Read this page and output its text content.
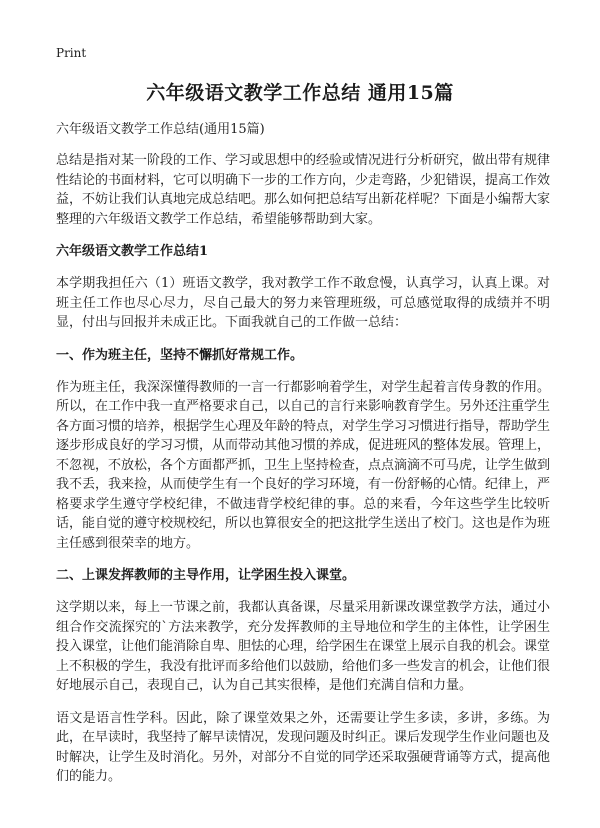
Print
六年级语文教学工作总结 通用15篇
六年级语文教学工作总结(通用15篇)

总结是指对某一阶段的工作、学习或思想中的经验或情况进行分析研究，做出带有规律性结论的书面材料，它可以明确下一步的工作方向，少走弯路，少犯错误，提高工作效益，不妨让我们认真地完成总结吧。那么如何把总结写出新花样呢？下面是小编帮大家整理的六年级语文教学工作总结，希望能够帮助到大家。

六年级语文教学工作总结1

本学期我担任六（1）班语文教学，我对教学工作不敢怠慢，认真学习，认真上课。对班主任工作也尽心尽力，尽自己最大的努力来管理班级，可总感觉取得的成绩并不明显，付出与回报并未成正比。下面我就自己的工作做一总结：

一、作为班主任，坚持不懈抓好常规工作。

作为班主任，我深深懂得教师的一言一行都影响着学生，对学生起着言传身教的作用。所以，在工作中我一直严格要求自己，以自己的言行来影响教育学生。另外还注重学生各方面习惯的培养，根据学生心理及年龄的特点，对学生学习习惯进行指导，帮助学生逐步形成良好的学习习惯，从而带动其他习惯的养成，促进班风的整体发展。管理上，不忽视，不放松，各个方面都严抓，卫生上坚持检查，点点滴滴不可马虎，让学生做到我不丢，我来捡，从而使学生有一个良好的学习环境，有一份舒畅的心情。纪律上，严格要求学生遵守学校纪律，不做违背学校纪律的事。总的来看，今年这些学生比较听话，能自觉的遵守校规校纪，所以也算很安全的把这批学生送出了校门。这也是作为班主任感到很荣幸的地方。

二、上课发挥教师的主导作用，让学困生投入课堂。

这学期以来，每上一节课之前，我都认真备课，尽量采用新课改课堂教学方法，通过小组合作交流探究的`方法来教学，充分发挥教师的主导地位和学生的主体性，让学困生投入课堂，让他们能消除自卑、胆怯的心理，给学困生在课堂上展示自我的机会。课堂上不积极的学生，我没有批评而多给他们以鼓励，给他们多一些发言的机会，让他们很好地展示自己，表现自己，认为自己其实很棒，是他们充满自信和力量。

语文是语言性学科。因此，除了课堂效果之外，还需要让学生多读，多讲，多练。为此，在早读时，我坚持了解早读情况，发现问题及时纠正。课后发现学生作业问题也及时解决，让学生及时消化。另外，对部分不自觉的同学还采取强硬背诵等方式，提高他们的能力。
